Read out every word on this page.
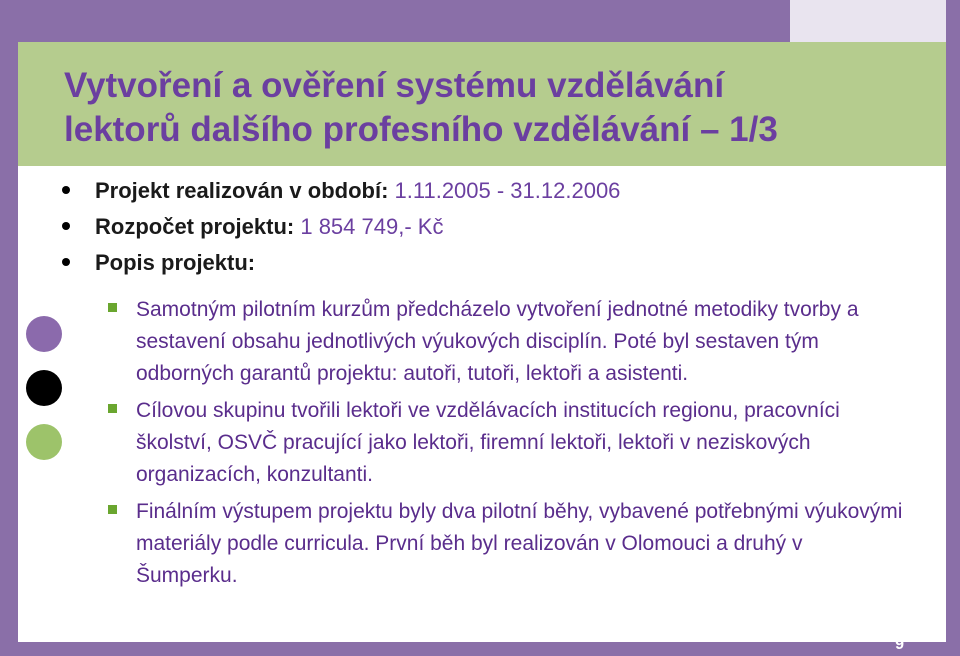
Vytvoření a ověření systému vzdělávání
lektorů dalšího profesního vzdělávání – 1/3
Projekt realizován v období: 1.11.2005 - 31.12.2006
Rozpočet projektu: 1 854 749,- Kč
Popis projektu:
Samotným pilotním kurzům předcházelo vytvoření jednotné metodiky tvorby a sestavení obsahu jednotlivých výukových disciplín. Poté byl sestaven tým odborných garantů projektu: autoři, tutoři, lektoři a asistenti.
Cílovou skupinu tvořili lektoři ve vzdělávacích institucích regionu, pracovníci školství, OSVČ pracující jako lektoři, firemní lektoři, lektoři v neziskových organizacích, konzultanti.
Finálním výstupem projektu byly dva pilotní běhy, vybavené potřebnými výukovými materiály podle curricula. První běh byl realizován v Olomouci a druhý v Šumperku.
9
